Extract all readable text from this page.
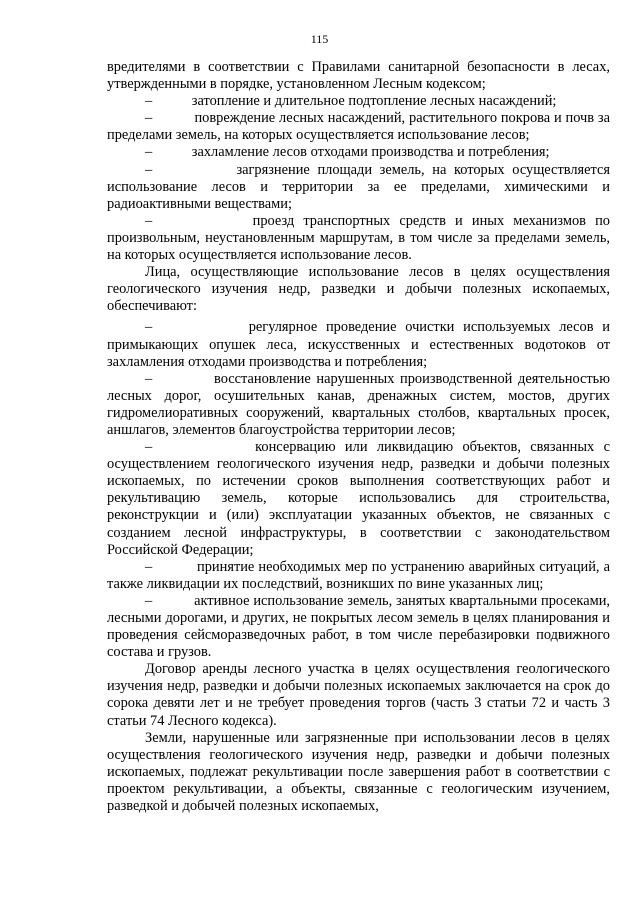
115

вредителями в соответствии с Правилами санитарной безопасности в лесах, утвержденными в порядке, установленном Лесным кодексом;

–           затопление и длительное подтопление лесных насаждений;

–           повреждение лесных насаждений, растительного покрова и почв за пределами земель, на которых осуществляется использование лесов;

–           захламление лесов отходами производства и потребления;

–           загрязнение площади земель, на которых осуществляется использование лесов и территории за ее пределами, химическими и радиоактивными веществами;

–           проезд транспортных средств и иных механизмов по произвольным, неустановленным маршрутам, в том числе за пределами земель, на которых осуществляется использование лесов.

Лица, осуществляющие использование лесов в целях осуществления геологического изучения недр, разведки и добычи полезных ископаемых, обеспечивают:

–           регулярное проведение очистки используемых лесов и примыкающих опушек леса, искусственных и естественных водотоков от захламления отходами производства и потребления;

–           восстановление нарушенных производственной деятельностью лесных дорог, осушительных канав, дренажных систем, мостов, других гидромелиоративных сооружений, квартальных столбов, квартальных просек, аншлагов, элементов благоустройства территории лесов;

–           консервацию или ликвидацию объектов, связанных с осуществлением геологического изучения недр, разведки и добычи полезных ископаемых, по истечении сроков выполнения соответствующих работ и рекультивацию земель, которые использовались для строительства, реконструкции и (или) эксплуатации указанных объектов, не связанных с созданием лесной инфраструктуры, в соответствии с законодательством Российской Федерации;

–           принятие необходимых мер по устранению аварийных ситуаций, а также ликвидации их последствий, возникших по вине указанных лиц;

–           активное использование земель, занятых квартальными просеками, лесными дорогами, и других, не покрытых лесом земель в целях планирования и проведения сейсморазведочных работ, в том числе перебазировки подвижного состава и грузов.

Договор аренды лесного участка в целях осуществления геологического изучения недр, разведки и добычи полезных ископаемых заключается на срок до сорока девяти лет и не требует проведения торгов (часть 3 статьи 72 и часть 3 статьи 74 Лесного кодекса).

Земли, нарушенные или загрязненные при использовании лесов в целях осуществления геологического изучения недр, разведки и добычи полезных ископаемых, подлежат рекультивации после завершения работ в соответствии с проектом рекультивации, а объекты, связанные с геологическим изучением, разведкой и добычей полезных ископаемых,
